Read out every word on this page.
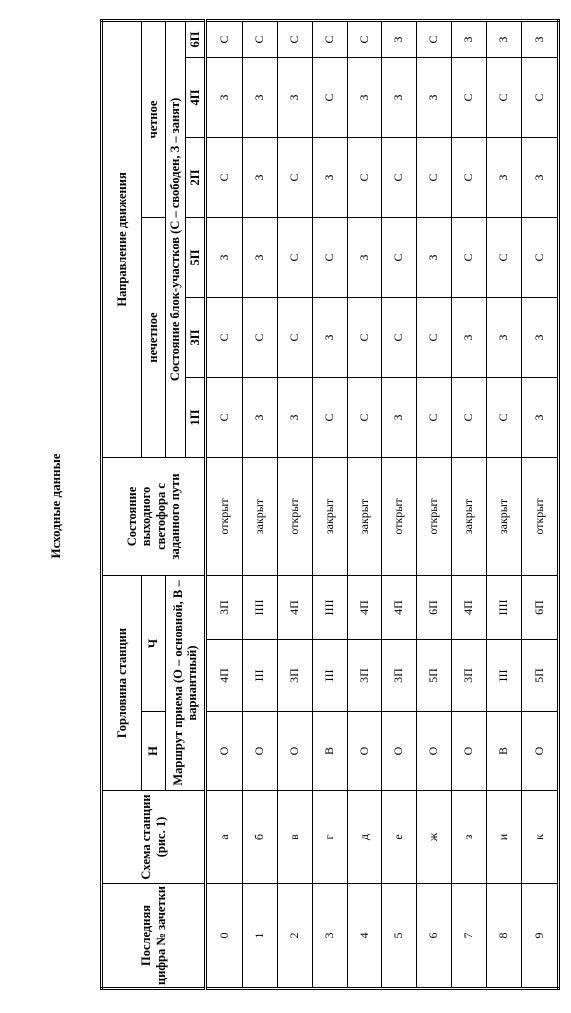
Исходные данные
Последняя цифра № зачетки	Схема станции (рис. 1)	Горловина станции			Состояние выходного светофора с заданного пути	Направление движения					
		Н	Ч			нечетное			четное		
		Маршрут приема (О – основной, В – вариантный)				Состояние блок-участков (С – свободен, З – занят)					
						1П	3П	5П	2П	4П	6П
0	а	О	4П	3П	открыт	С	С	З	С	З	С
1	б	О	ІІІ	ІІІІ	закрыт	З	С	З	З	З	С
2	в	О	3П	4П	открыт	З	С	С	С	З	С
3	г	В	ІІІ	ІІІІ	закрыт	С	З	С	З	С	С
4	д	О	3П	4П	закрыт	С	С	З	С	З	С
5	е	О	3П	4П	открыт	З	С	С	С	З	З
6	ж	О	5П	6П	открыт	С	С	З	С	З	С
7	з	О	3П	4П	закрыт	С	З	С	С	С	З
8	и	В	ІІІ	ІІІІ	закрыт	С	З	С	З	С	З
9	к	О	5П	6П	открыт	З	З	С	З	С	З
